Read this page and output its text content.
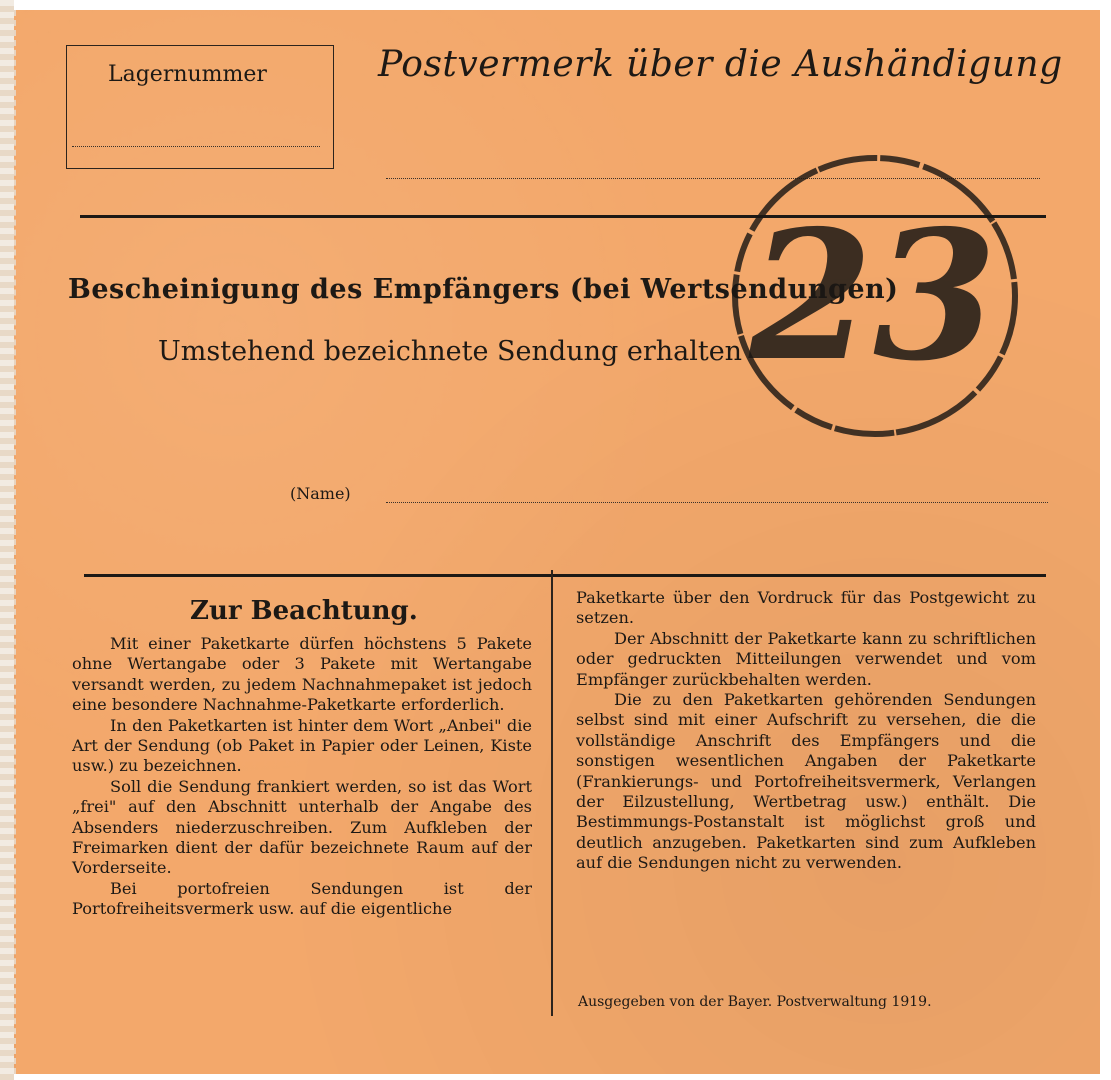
Lagernummer	Postvermerk über die Aushändigung
Bescheinigung des Empfängers (bei Wertsendungen)
Umstehend bezeichnete Sendung erhalten
(Name)
Zur Beachtung.

Mit einer Paketkarte dürfen höchstens 5 Pakete ohne Wertangabe oder 3 Pakete mit Wertangabe versandt werden, zu jedem Nachnahmepaket ist jedoch eine besondere Nachnahme-Paketkarte erforderlich.

In den Paketkarten ist hinter dem Wort „Anbei" die Art der Sendung (ob Paket in Papier oder Leinen, Kiste usw.) zu bezeichnen.

Soll die Sendung frankiert werden, so ist das Wort „frei" auf den Abschnitt unterhalb der Angabe des Absenders niederzuschreiben. Zum Aufkleben der Freimarken dient der dafür bezeichnete Raum auf der Vorderseite.

Bei portofreien Sendungen ist der Portofreiheitsvermerk usw. auf die eigentliche

Paketkarte über den Vordruck für das Postgewicht zu setzen.

Der Abschnitt der Paketkarte kann zu schriftlichen oder gedruckten Mitteilungen verwendet und vom Empfänger zurückbehalten werden.

Die zu den Paketkarten gehörenden Sendungen selbst sind mit einer Aufschrift zu versehen, die die vollständige Anschrift des Empfängers und die sonstigen wesentlichen Angaben der Paketkarte (Frankierungs- und Portofreiheitsvermerk, Verlangen der Eilzustellung, Wertbetrag usw.) enthält. Die Bestimmungs-Postanstalt ist möglichst groß und deutlich anzugeben. Paketkarten sind zum Aufkleben auf die Sendungen nicht zu verwenden.

Ausgegeben von der Bayer. Postverwaltung 1919.
23
